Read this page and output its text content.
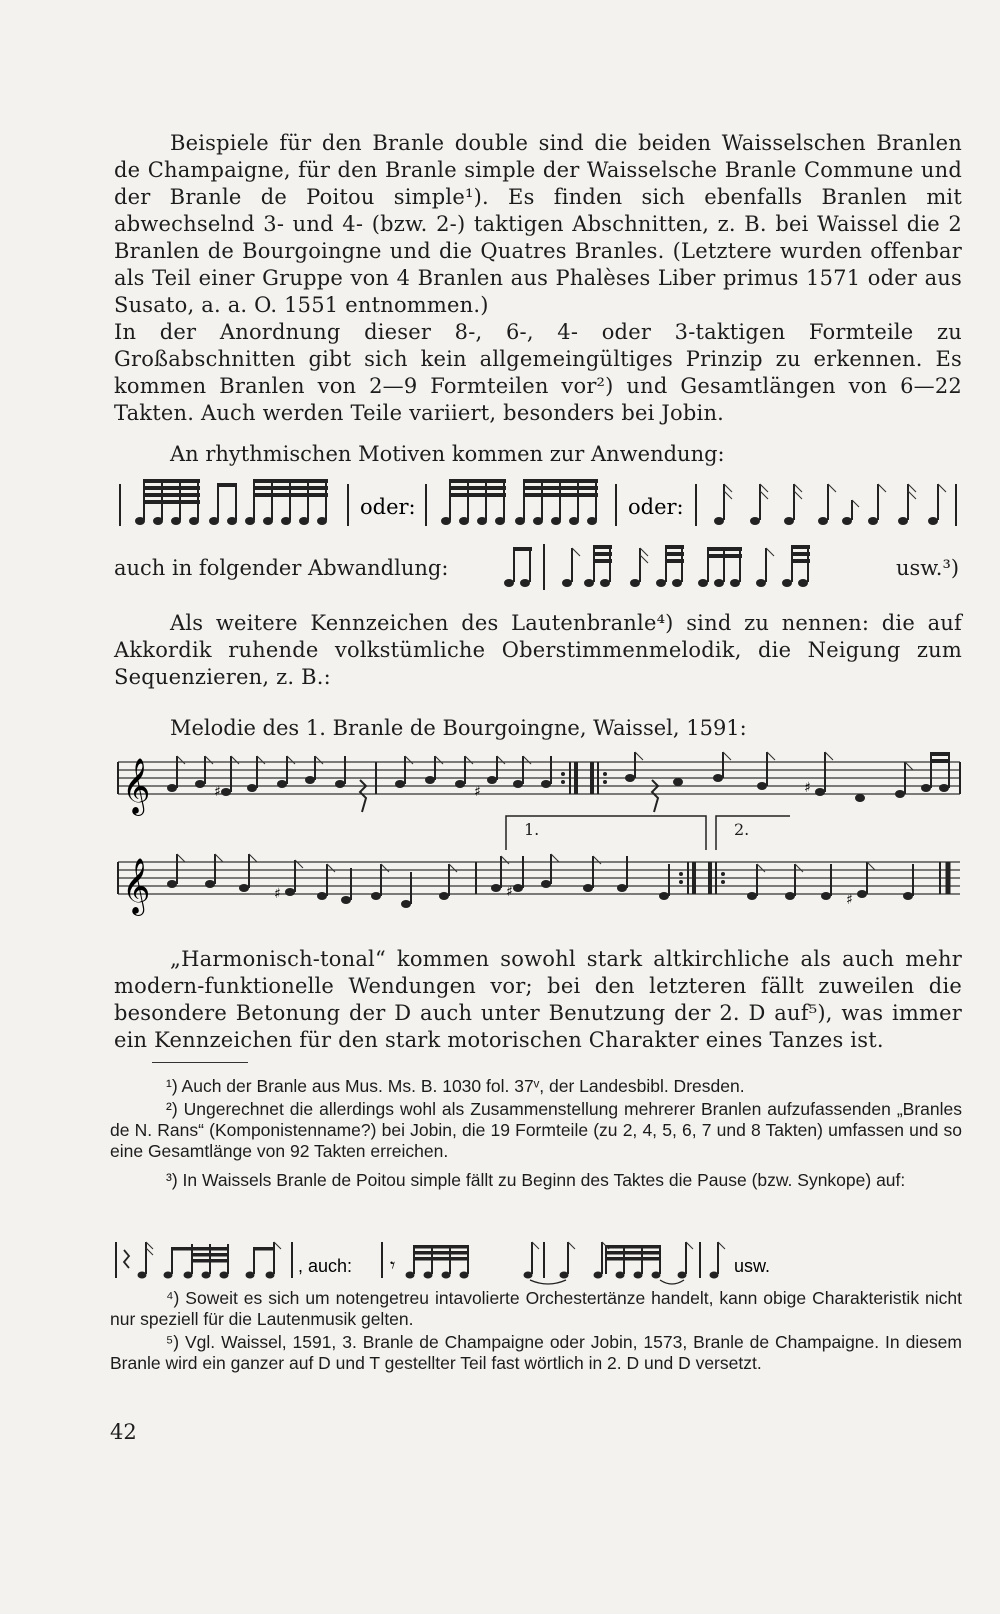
Beispiele für den Branle double sind die beiden Waisselschen Branlen de Champaigne, für den Branle simple der Waisselsche Branle Commune und der Branle de Poitou simple¹). Es finden sich ebenfalls Branlen mit abwechselnd 3- und 4- (bzw. 2-) taktigen Abschnitten, z. B. bei Waissel die 2 Branlen de Bourgoingne und die Quatres Branles. (Letztere wurden offenbar als Teil einer Gruppe von 4 Branlen aus Phalèses Liber primus 1571 oder aus Susato, a. a. O. 1551 entnommen.)

In der Anordnung dieser 8-, 6-, 4- oder 3-taktigen Formteile zu Großabschnitten gibt sich kein allgemeingültiges Prinzip zu erkennen. Es kommen Branlen von 2—9 Formteilen vor²) und Gesamtlängen von 6—22 Takten. Auch werden Teile variiert, besonders bei Jobin.

An rhythmischen Motiven kommen zur Anwendung:
oder:	oder:
auch in folgender Abwandlung:	usw.³)

Als weitere Kennzeichen des Lautenbranle⁴) sind zu nennen: die auf Akkordik ruhende volkstümliche Oberstimmenmelodik, die Neigung zum Sequenzieren, z. B.:

Melodie des 1. Branle de Bourgoingne, Waissel, 1591:
𝄞	♯	♯	♯
1.	2.
𝄞	♯	♯	♯

„Harmonisch-tonal“ kommen sowohl stark altkirchliche als auch mehr modern-funktionelle Wendungen vor; bei den letzteren fällt zuweilen die besondere Betonung der D auch unter Benutzung der 2. D auf⁵), was immer ein Kennzeichen für den stark motorischen Charakter eines Tanzes ist.

¹) Auch der Branle aus Mus. Ms. B. 1030 fol. 37ᵛ, der Landesbibl. Dresden.

²) Ungerechnet die allerdings wohl als Zusammenstellung mehrerer Branlen aufzufassenden „Branles de N. Rans“ (Komponistenname?) bei Jobin, die 19 Formteile (zu 2, 4, 5, 6, 7 und 8 Takten) umfassen und so eine Gesamtlänge von 92 Takten erreichen.

³) In Waissels Branle de Poitou simple fällt zu Beginn des Taktes die Pause (bzw. Synkope) auf:

, auch: 𝄾	usw.

⁴) Soweit es sich um notengetreu intavolierte Orchestertänze handelt, kann obige Charakteristik nicht nur speziell für die Lautenmusik gelten.

⁵) Vgl. Waissel, 1591, 3. Branle de Champaigne oder Jobin, 1573, Branle de Champaigne. In diesem Branle wird ein ganzer auf D und T gestellter Teil fast wörtlich in 2. D und D versetzt.

42
